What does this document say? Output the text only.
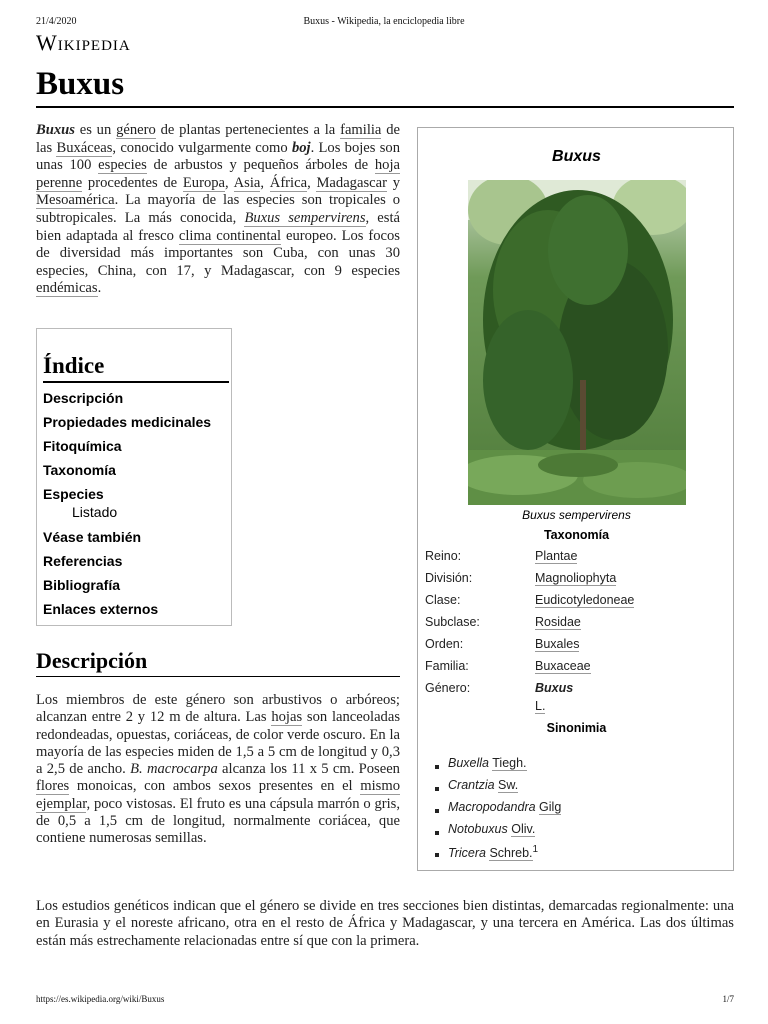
21/4/2020	Buxus - Wikipedia, la enciclopedia libre
Wikipedia
Buxus
Buxus es un género de plantas pertenecientes a la familia de las Buxáceas, conocido vulgarmente como boj. Los bojes son unas 100 especies de arbustos y pequeños árboles de hoja perenne procedentes de Europa, Asia, África, Madagascar y Mesoamérica. La mayoría de las especies son tropicales o subtropicales. La más conocida, Buxus sempervirens, está bien adaptada al fresco clima continental europeo. Los focos de diversidad más importantes son Cuba, con unas 30 especies, China, con 17, y Madagascar, con 9 especies endémicas.
Índice
Descripción
Propiedades medicinales
Fitoquímica
Taxonomía
Especies
Listado
Véase también
Referencias
Bibliografía
Enlaces externos
Descripción
Los miembros de este género son arbustivos o arbóreos; alcanzan entre 2 y 12 m de altura. Las hojas son lanceoladas redondeadas, opuestas, coriáceas, de color verde oscuro. En la mayoría de las especies miden de 1,5 a 5 cm de longitud y 0,3 a 2,5 de ancho. B. macrocarpa alcanza los 11 x 5 cm. Poseen flores monoicas, con ambos sexos presentes en el mismo ejemplar, poco vistosas. El fruto es una cápsula marrón o gris, de 0,5 a 1,5 cm de longitud, normalmente coriácea, que contiene numerosas semillas.
Los estudios genéticos indican que el género se divide en tres secciones bien distintas, demarcadas regionalmente: una en Eurasia y el noreste africano, otra en el resto de África y Madagascar, y una tercera en América. Las dos últimas están más estrechamente relacionadas entre sí que con la primera.
Buxus
Buxus sempervirens
Taxonomía
Reino:	Plantae
División:	Magnoliophyta
Clase:	Eudicotyledoneae
Subclase:	Rosidae
Orden:	Buxales
Familia:	Buxaceae
Género:	Buxus
L.
Sinonimia
Buxella Tiegh.
Crantzia Sw.
Macropodandra Gilg
Notobuxus Oliv.
Tricera Schreb.$^1$
https://es.wikipedia.org/wiki/Buxus	1/7
